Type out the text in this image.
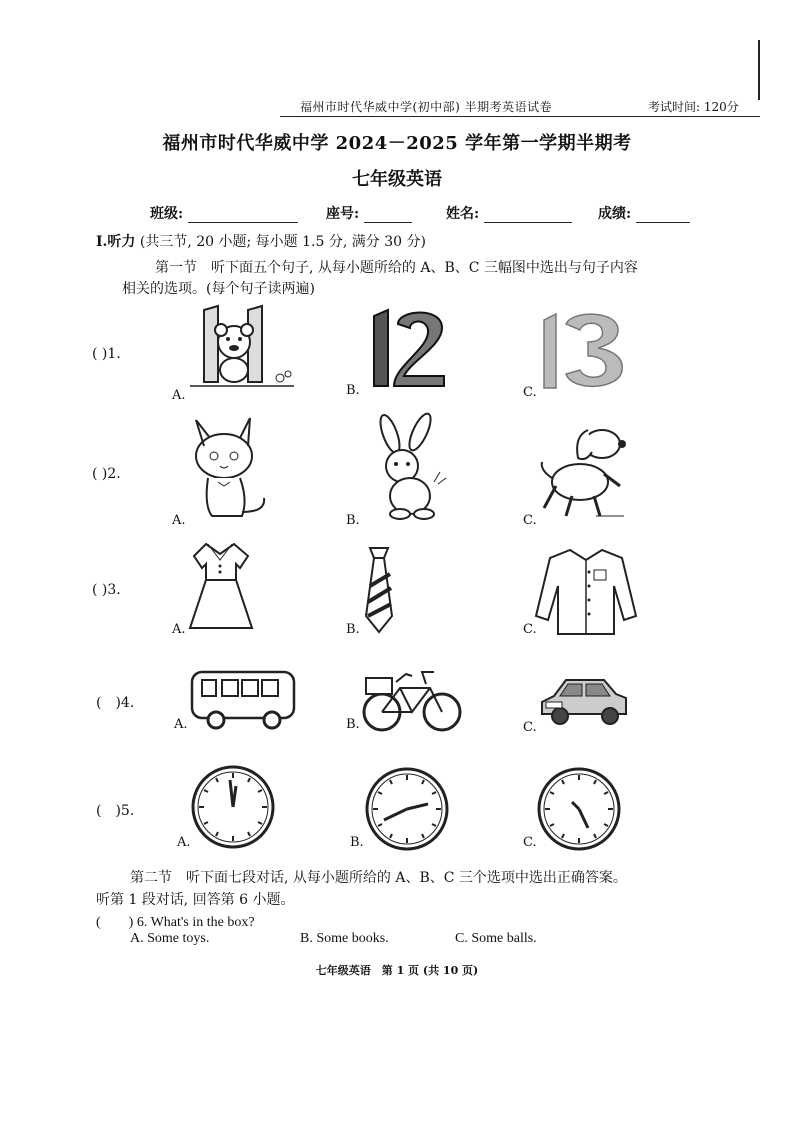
福州市时代华威中学(初中部) 半期考英语试卷	考试时间: 120分
福州市时代华威中学 2024－2025 学年第一学期半期考
七年级英语
班级:	座号:	姓名:	成绩:
Ⅰ.听力 (共三节, 20 小题; 每小题 1.5 分, 满分 30 分)
第一节　听下面五个句子, 从每小题所给的 A、B、C 三幅图中选出与句子内容
相关的选项。(每个句子读两遍)
( )1.
A.	B.	C.
( )2.
A.	B.	C.
( )3.
A.	B.	C.
(　)4.
A.	B.	C.
(　)5.
A.	B.	C.
第二节　听下面七段对话, 从每小题所给的 A、B、C 三个选项中选出正确答案。
听第 1 段对话, 回答第 6 小题。
(　　) 6. What's in the box?
A. Some toys.	B. Some books.	C. Some balls.
七年级英语　第 1 页 (共 10 页)
